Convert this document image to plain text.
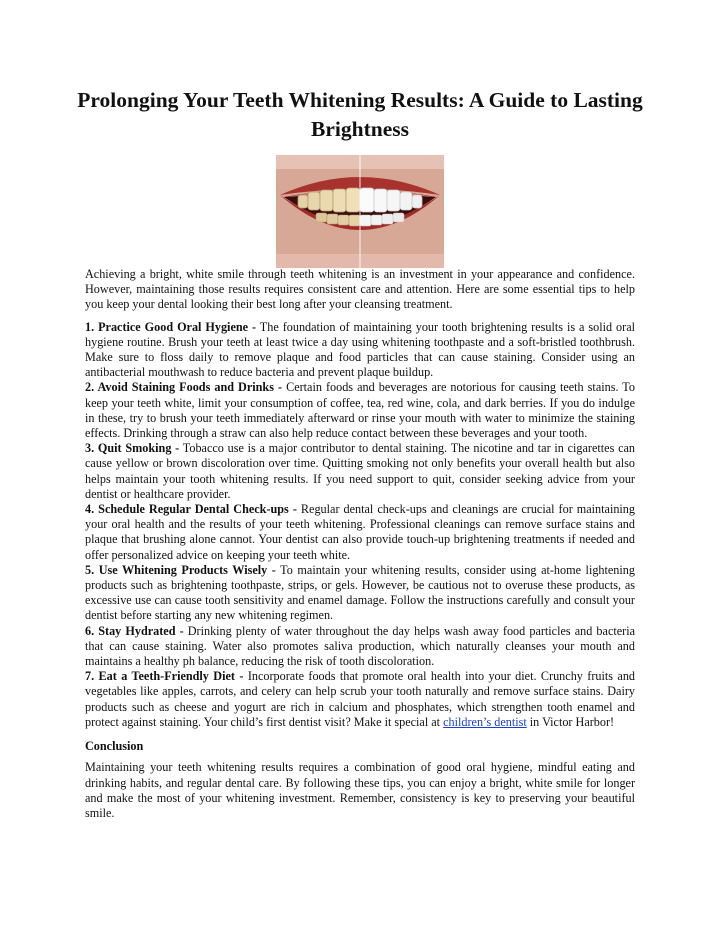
Prolonging Your Teeth Whitening Results: A Guide to Lasting Brightness

Achieving a bright, white smile through teeth whitening is an investment in your appearance and confidence. However, maintaining those results requires consistent care and attention. Here are some essential tips to help you keep your dental looking their best long after your cleansing treatment.

1. Practice Good Oral Hygiene - The foundation of maintaining your tooth brightening results is a solid oral hygiene routine. Brush your teeth at least twice a day using whitening toothpaste and a soft-bristled toothbrush. Make sure to floss daily to remove plaque and food particles that can cause staining. Consider using an antibacterial mouthwash to reduce bacteria and prevent plaque buildup.

2. Avoid Staining Foods and Drinks - Certain foods and beverages are notorious for causing teeth stains. To keep your teeth white, limit your consumption of coffee, tea, red wine, cola, and dark berries. If you do indulge in these, try to brush your teeth immediately afterward or rinse your mouth with water to minimize the staining effects. Drinking through a straw can also help reduce contact between these beverages and your tooth.

3. Quit Smoking - Tobacco use is a major contributor to dental staining. The nicotine and tar in cigarettes can cause yellow or brown discoloration over time. Quitting smoking not only benefits your overall health but also helps maintain your tooth whitening results. If you need support to quit, consider seeking advice from your dentist or healthcare provider.

4. Schedule Regular Dental Check-ups - Regular dental check-ups and cleanings are crucial for maintaining your oral health and the results of your teeth whitening. Professional cleanings can remove surface stains and plaque that brushing alone cannot. Your dentist can also provide touch-up brightening treatments if needed and offer personalized advice on keeping your teeth white.

5. Use Whitening Products Wisely - To maintain your whitening results, consider using at-home lightening products such as brightening toothpaste, strips, or gels. However, be cautious not to overuse these products, as excessive use can cause tooth sensitivity and enamel damage. Follow the instructions carefully and consult your dentist before starting any new whitening regimen.

6. Stay Hydrated - Drinking plenty of water throughout the day helps wash away food particles and bacteria that can cause staining. Water also promotes saliva production, which naturally cleanses your mouth and maintains a healthy ph balance, reducing the risk of tooth discoloration.

7. Eat a Teeth-Friendly Diet - Incorporate foods that promote oral health into your diet. Crunchy fruits and vegetables like apples, carrots, and celery can help scrub your tooth naturally and remove surface stains. Dairy products such as cheese and yogurt are rich in calcium and phosphates, which strengthen tooth enamel and protect against staining. Your child’s first dentist visit? Make it special at children’s dentist in Victor Harbor!

Conclusion

Maintaining your teeth whitening results requires a combination of good oral hygiene, mindful eating and drinking habits, and regular dental care. By following these tips, you can enjoy a bright, white smile for longer and make the most of your whitening investment. Remember, consistency is key to preserving your beautiful smile.
